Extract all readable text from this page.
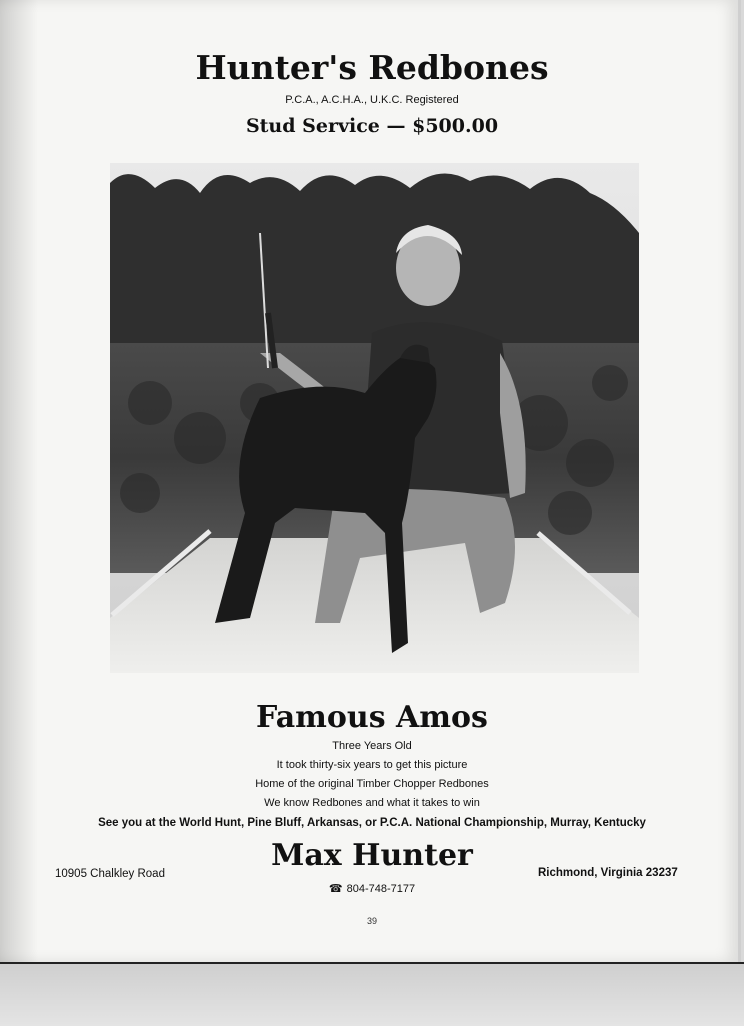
Hunter's Redbones
P.C.A., A.C.H.A., U.K.C. Registered
Stud Service — $500.00
Famous Amos
Three Years Old
It took thirty-six years to get this picture
Home of the original Timber Chopper Redbones
We know Redbones and what it takes to win
See you at the World Hunt, Pine Bluff, Arkansas, or P.C.A. National Championship, Murray, Kentucky
Max Hunter
10905 Chalkley Road	Richmond, Virginia 23237
☎ 804-748-7177
39
